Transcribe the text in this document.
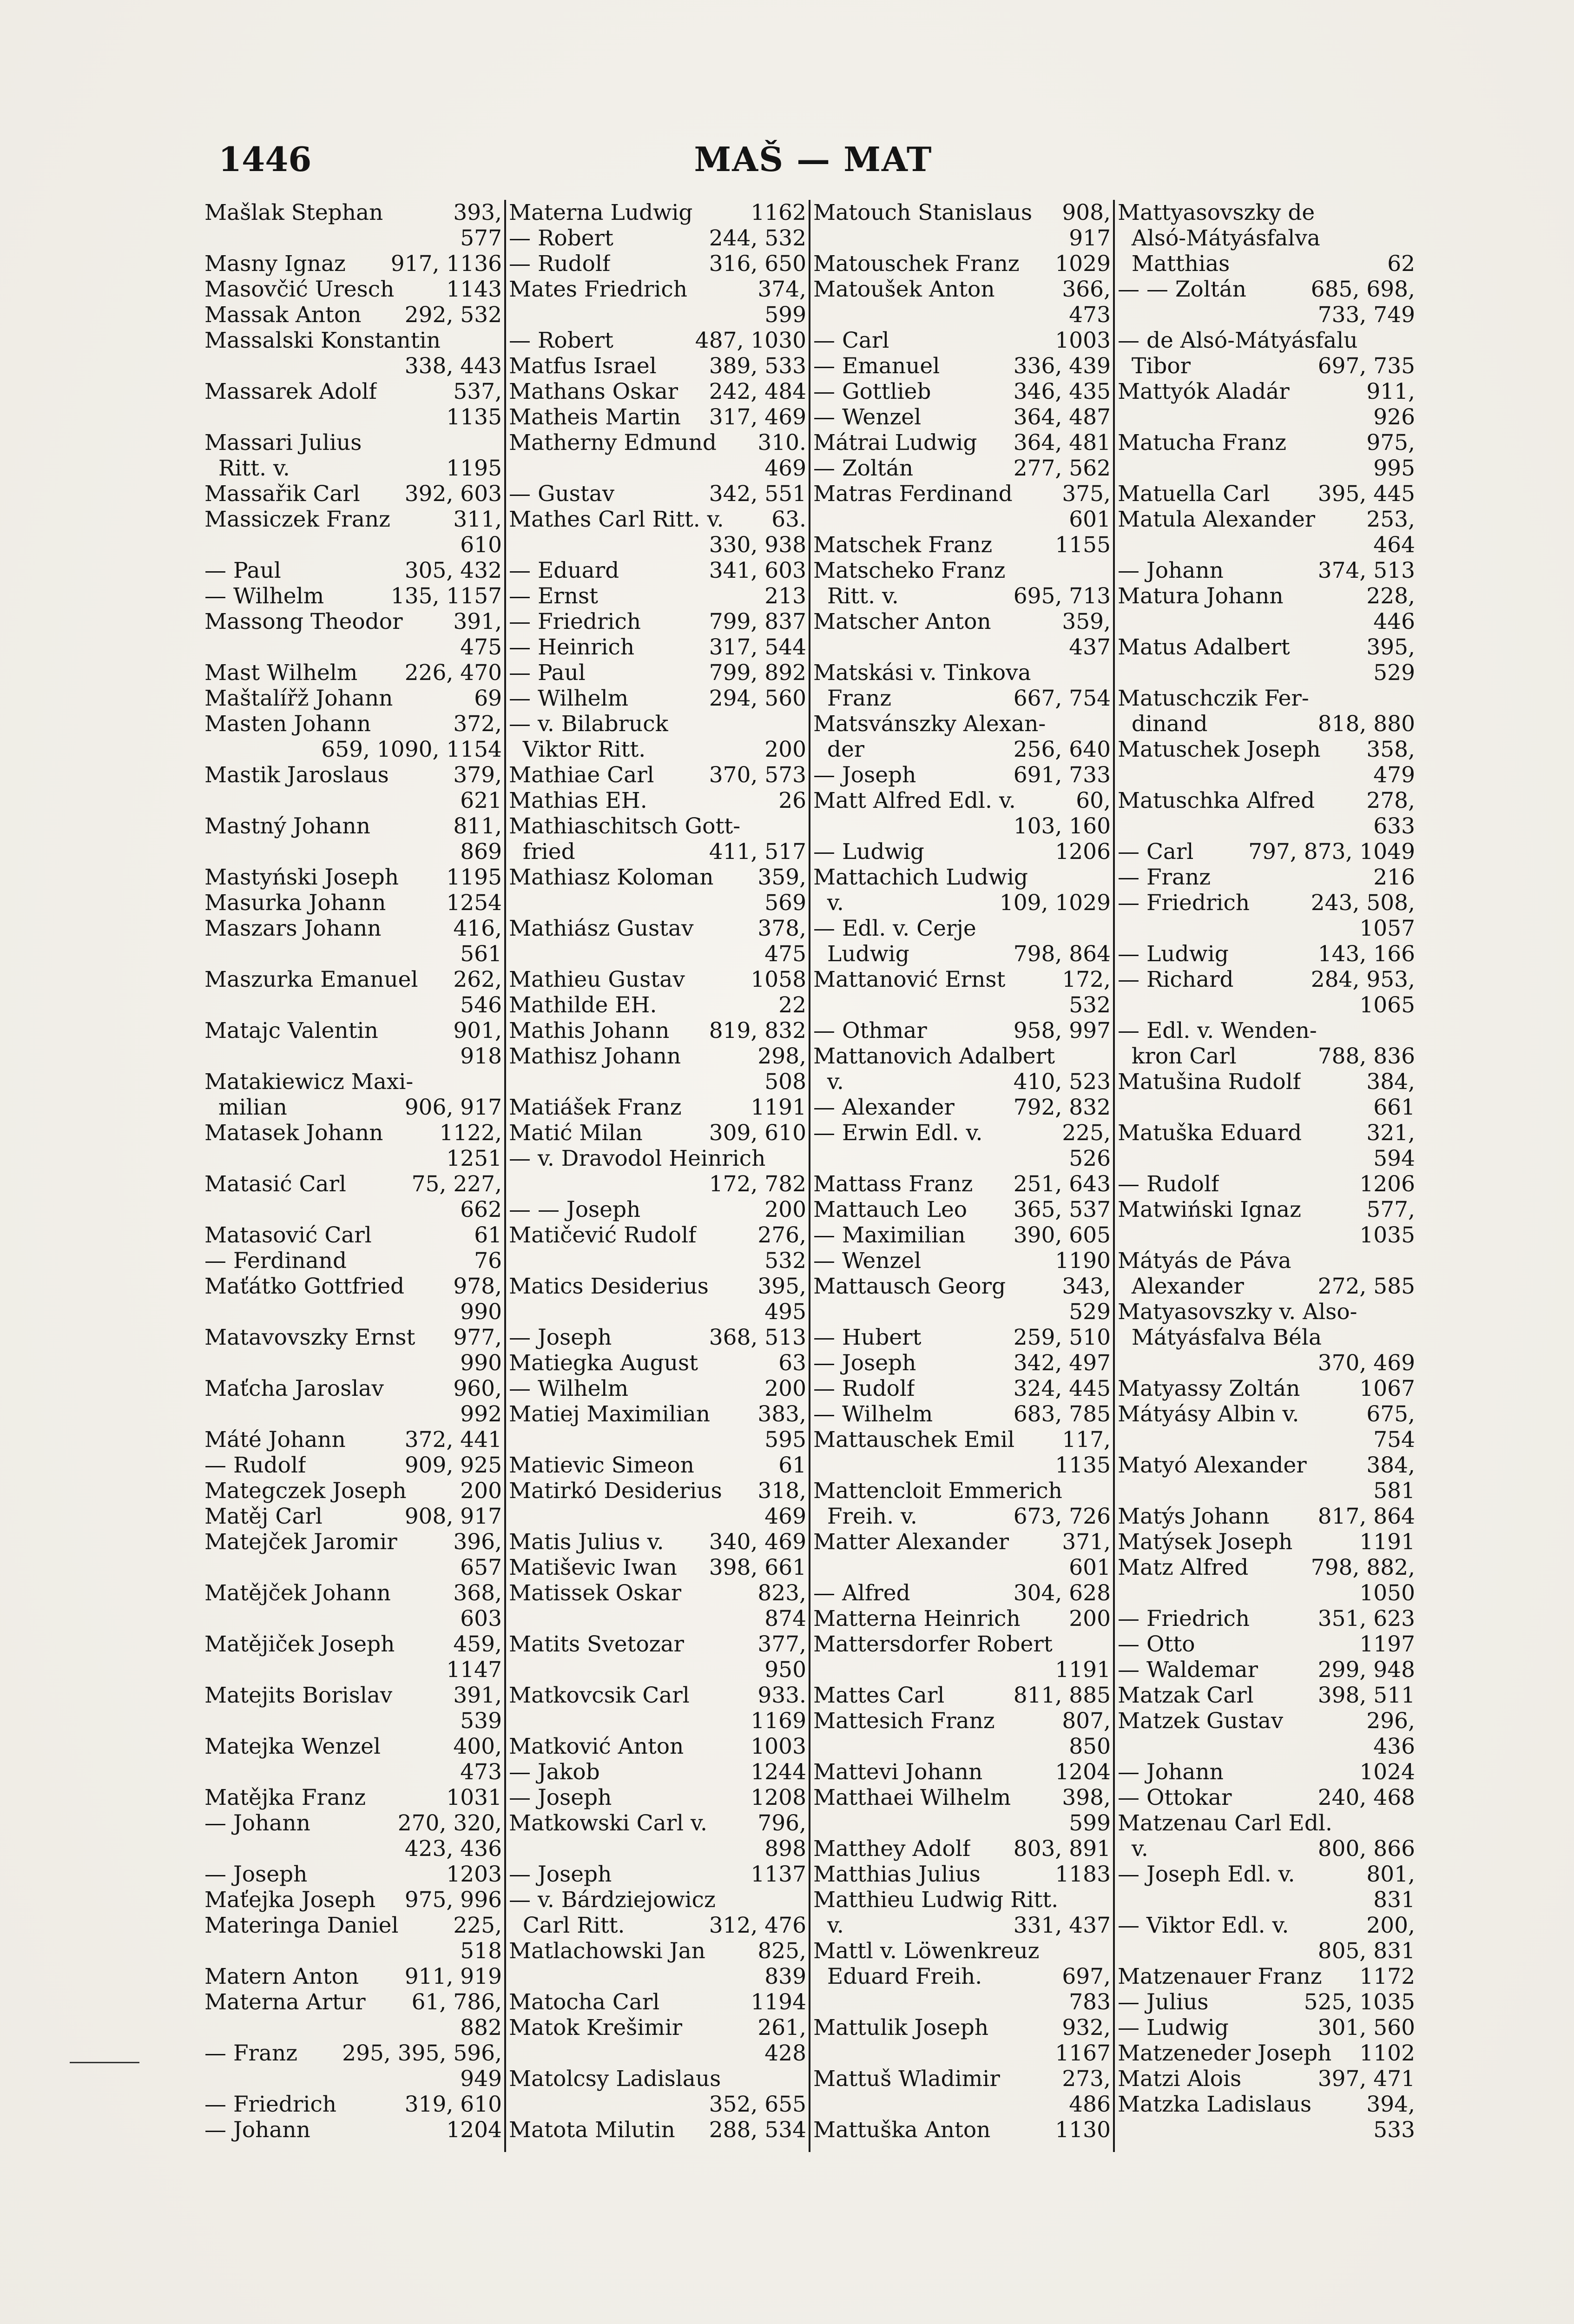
1446	MAŠ — MAT
Mašlak Stephan	393,
577
Masny Ignaz 917, 1136
Masovčić Uresch 1143
Massak Anton 292, 532
Massalski Konstantin
338, 443
Massarek Adolf	537,
1135
Massari Julius
Ritt. v.	1195
Massařik Carl 392, 603
Massiczek Franz	311,
610
— Paul	305, 432
— Wilhelm	135, 1157
Massong Theodor 391,
475
Mast Wilhelm 226, 470
Maštalířž Johann	69
Masten Johann	372,
659, 1090, 1154
Mastik Jaroslaus	379,
621
Mastný Johann	811,
869
Mastyński Joseph 1195
Masurka Johann	1254
Maszars Johann	416,
561
Maszurka Emanuel 262,
546
Matajc Valentin	901,
918
Matakiewicz Maxi-
milian	906, 917
Matasek Johann	1122,
1251
Matasić Carl	75, 227,
662
Matasović Carl	61
— Ferdinand	76
Maťátko Gottfried 978,
990
Matavovszky Ernst 977,
990
Maťcha Jaroslav	960,
992
Máté Johann	372, 441
— Rudolf	909, 925
Mategczek Joseph 200
Matěj Carl	908, 917
Matejček Jaromir	396,
657
Matějček Johann	368,
603
Matějiček Joseph	459,
1147
Matejits Borislav	391,
539
Matejka Wenzel	400,
473
Matějka Franz	1031
— Johann	270, 320,
423, 436
— Joseph	1203
Maťejka Joseph 975, 996
Materinga Daniel	225,
518
Matern Anton 911, 919
Materna Artur 61, 786,
882
— Franz 295, 395, 596,
949
— Friedrich	319, 610
— Johann	1204
Materna Ludwig	1162
— Robert	244, 532
— Rudolf	316, 650
Mates Friedrich	374,
599
— Robert	487, 1030
Matfus Israel 389, 533
Mathans Oskar 242, 484
Matheis Martin 317, 469
Matherny Edmund 310.
469
— Gustav	342, 551
Mathes Carl Ritt. v. 63.
330, 938
— Eduard	341, 603
— Ernst	213
— Friedrich	799, 837
— Heinrich	317, 544
— Paul	799, 892
— Wilhelm	294, 560
— v. Bilabruck
Viktor Ritt.	200
Mathiae Carl	370, 573
Mathias EH.	26
Mathiaschitsch Gott-
fried	411, 517
Mathiasz Koloman 359,
569
Mathiász Gustav	378,
475
Mathieu Gustav	1058
Mathilde EH.	22
Mathis Johann 819, 832
Mathisz Johann	298,
508
Matiášek Franz	1191
Matić Milan	309, 610
— v. Dravodol Heinrich
172, 782
— — Joseph	200
Matičević Rudolf	276,
532
Matics Desiderius 395,
495
— Joseph	368, 513
Matiegka August	63
— Wilhelm	200
Matiej Maximilian 383,
595
Matievic Simeon	61
Matirkó Desiderius 318,
469
Matis Julius v. 340, 469
Matiševic Iwan 398, 661
Matissek Oskar	823,
874
Matits Svetozar	377,
950
Matkovcsik Carl	933.
1169
Matković Anton	1003
— Jakob	1244
— Joseph	1208
Matkowski Carl v. 796,
898
— Joseph	1137
— v. Bárdziejowicz
Carl Ritt.	312, 476
Matlachowski Jan 825,
839
Matocha Carl	1194
Matok Krešimir	261,
428
Matolcsy Ladislaus
352, 655
Matota Milutin 288, 534
Matouch Stanislaus 908,
917
Matouschek Franz 1029
Matoušek Anton	366,
473
— Carl	1003
— Emanuel	336, 439
— Gottlieb	346, 435
— Wenzel	364, 487
Mátrai Ludwig 364, 481
— Zoltán	277, 562
Matras Ferdinand 375,
601
Matschek Franz	1155
Matscheko Franz
Ritt. v.	695, 713
Matscher Anton	359,
437
Matskási v. Tinkova
Franz	667, 754
Matsvánszky Alexan-
der	256, 640
— Joseph	691, 733
Matt Alfred Edl. v.	60,
103, 160
— Ludwig	1206
Mattachich Ludwig
v.	109, 1029
— Edl. v. Cerje
Ludwig	798, 864
Mattanović Ernst	172,
532
— Othmar	958, 997
Mattanovich Adalbert
v.	410, 523
— Alexander	792, 832
— Erwin Edl. v.	225,
526
Mattass Franz 251, 643
Mattauch Leo 365, 537
— Maximilian 390, 605
— Wenzel	1190
Mattausch Georg	343,
529
— Hubert	259, 510
— Joseph	342, 497
— Rudolf	324, 445
— Wilhelm	683, 785
Mattauschek Emil 117,
1135
Mattencloit Emmerich
Freih. v.	673, 726
Matter Alexander 371,
601
— Alfred	304, 628
Matterna Heinrich 200
Mattersdorfer Robert
1191
Mattes Carl	811, 885
Mattesich Franz	807,
850
Mattevi Johann	1204
Matthaei Wilhelm 398,
599
Matthey Adolf 803, 891
Matthias Julius	1183
Matthieu Ludwig Ritt.
v.	331, 437
Mattl v. Löwenkreuz
Eduard Freih.	697,
783
Mattulik Joseph	932,
1167
Mattuš Wladimir	273,
486
Mattuška Anton	1130
Mattyasovszky de
Alsó-Mátyásfalva
Matthias	62
— — Zoltán	685, 698,
733, 749
— de Alsó-Mátyásfalu
Tibor	697, 735
Mattyók Aladár	911,
926
Matucha Franz	975,
995
Matuella Carl 395, 445
Matula Alexander 253,
464
— Johann	374, 513
Matura Johann	228,
446
Matus Adalbert	395,
529
Matuschczik Fer-
dinand	818, 880
Matuschek Joseph 358,
479
Matuschka Alfred 278,
633
— Carl	797, 873, 1049
— Franz	216
— Friedrich	243, 508,
1057
— Ludwig	143, 166
— Richard	284, 953,
1065
— Edl. v. Wenden-
kron Carl	788, 836
Matušina Rudolf	384,
661
Matuška Eduard	321,
594
— Rudolf	1206
Matwiński Ignaz	577,
1035
Mátyás de Páva
Alexander	272, 585
Matyasovszky v. Also-
Mátyásfalva Béla
370, 469
Matyassy Zoltán	1067
Mátyásy Albin v.	675,
754
Matyó Alexander	384,
581
Matýs Johann 817, 864
Matýsek Joseph	1191
Matz Alfred	798, 882,
1050
— Friedrich	351, 623
— Otto	1197
— Waldemar	299, 948
Matzak Carl	398, 511
Matzek Gustav	296,
436
— Johann	1024
— Ottokar	240, 468
Matzenau Carl Edl.
v.	800, 866
— Joseph Edl. v.	801,
831
— Viktor Edl. v.	200,
805, 831
Matzenauer Franz 1172
— Julius	525, 1035
— Ludwig	301, 560
Matzeneder Joseph 1102
Matzi Alois	397, 471
Matzka Ladislaus	394,
533
